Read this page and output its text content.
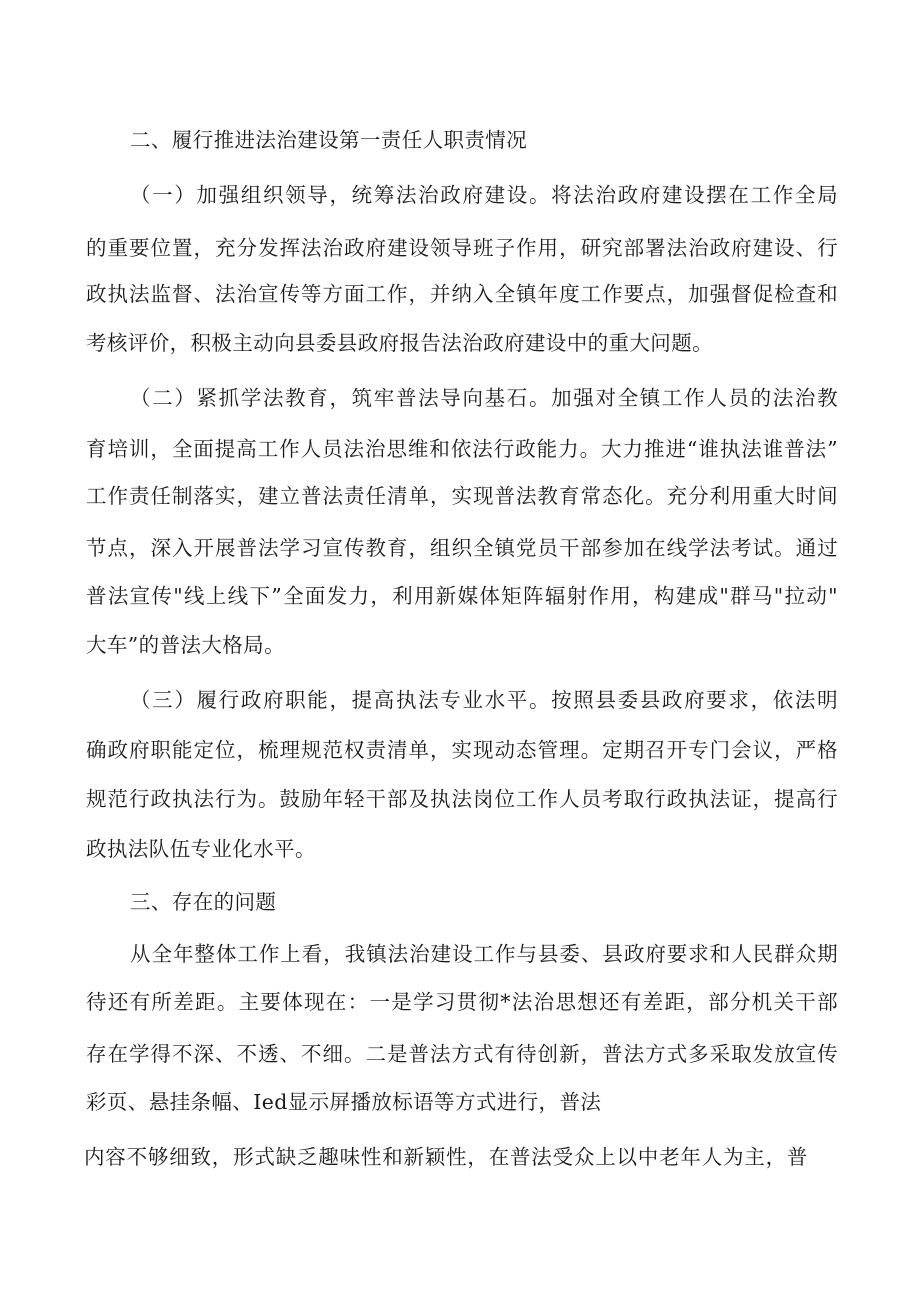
二、履行推进法治建设第一责任人职责情况
（一）加强组织领导，统筹法治政府建设。将法治政府建设摆在工作全局
的重要位置，充分发挥法治政府建设领导班子作用，研究部署法治政府建设、行
政执法监督、法治宣传等方面工作，并纳入全镇年度工作要点，加强督促检查和
考核评价，积极主动向县委县政府报告法治政府建设中的重大问题。
（二）紧抓学法教育，筑牢普法导向基石。加强对全镇工作人员的法治教
育培训，全面提高工作人员法治思维和依法行政能力。大力推进“谁执法谁普法”
工作责任制落实，建立普法责任清单，实现普法教育常态化。充分利用重大时间
节点，深入开展普法学习宣传教育，组织全镇党员干部参加在线学法考试。通过
普法宣传"线上线下”全面发力，利用新媒体矩阵辐射作用，构建成"群马"拉动"
大车”的普法大格局。
（三）履行政府职能，提高执法专业水平。按照县委县政府要求，依法明
确政府职能定位，梳理规范权责清单，实现动态管理。定期召开专门会议，严格
规范行政执法行为。鼓励年轻干部及执法岗位工作人员考取行政执法证，提高行
政执法队伍专业化水平。
三、存在的问题
从全年整体工作上看，我镇法治建设工作与县委、县政府要求和人民群众期
待还有所差距。主要体现在：一是学习贯彻*法治思想还有差距，部分机关干部
存在学得不深、不透、不细。二是普法方式有待创新，普法方式多采取发放宣传
彩页、悬挂条幅、Ied显示屏播放标语等方式进行，普法
内容不够细致，形式缺乏趣味性和新颖性，在普法受众上以中老年人为主，普
